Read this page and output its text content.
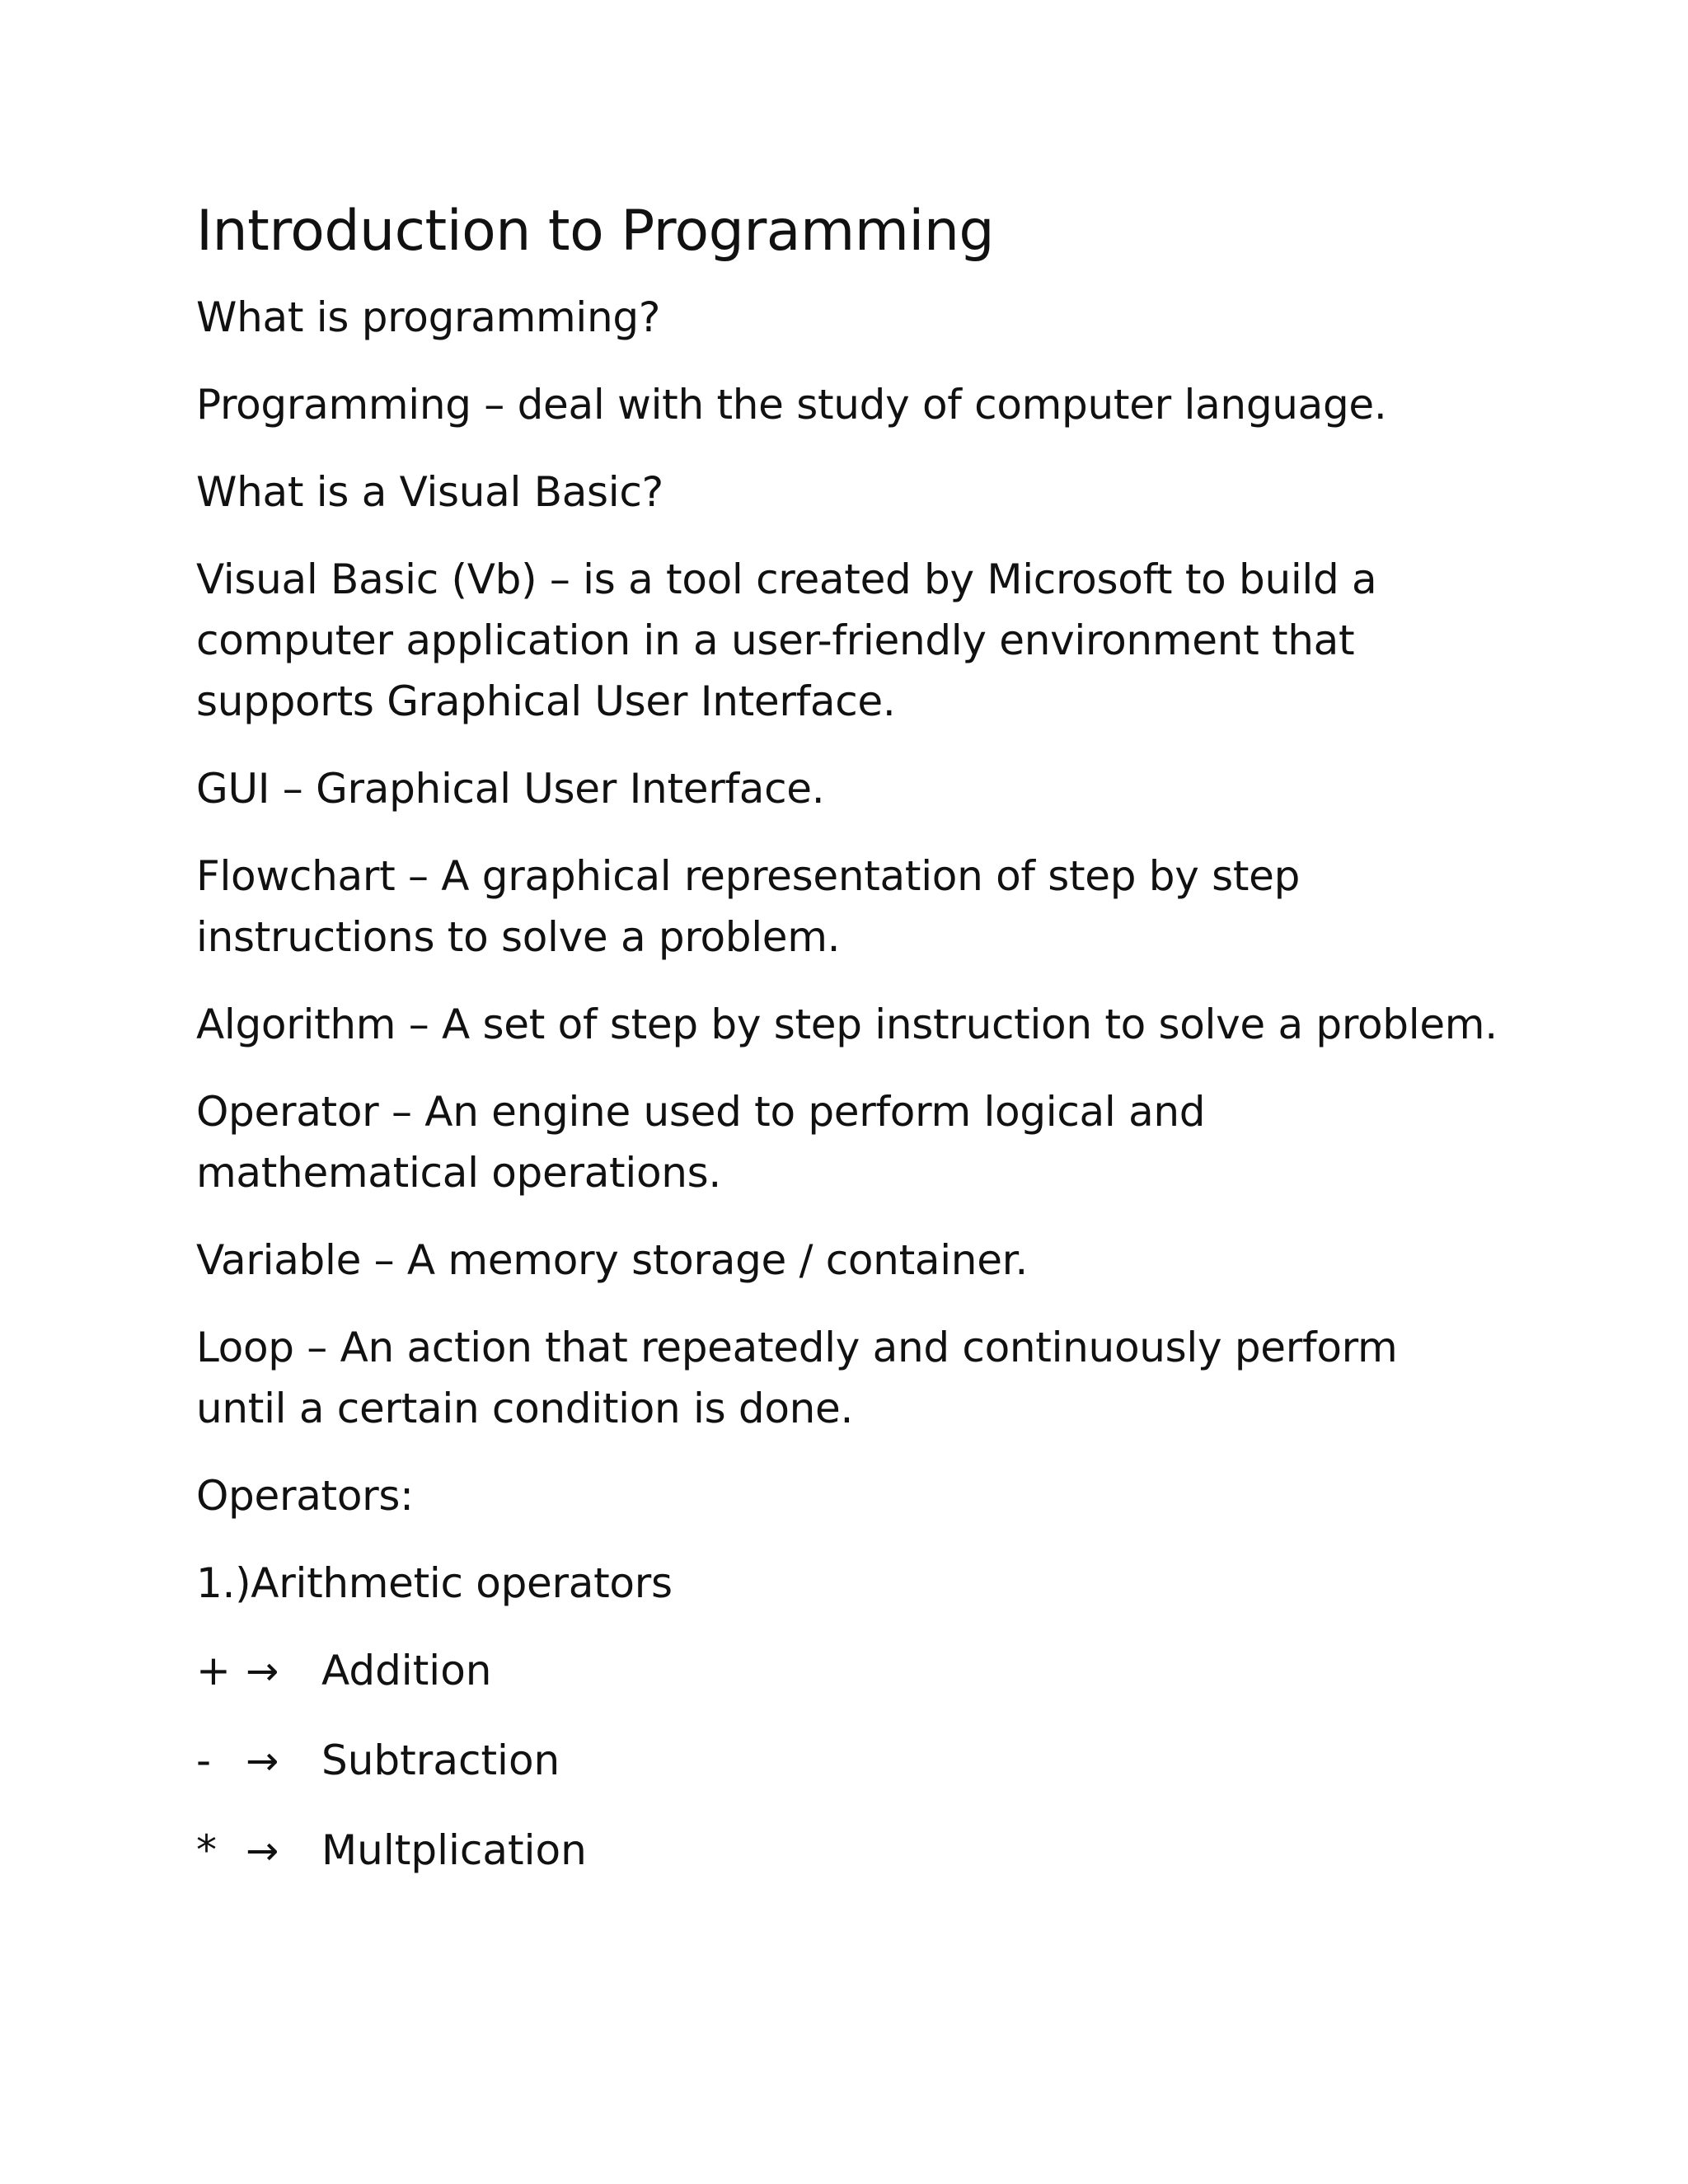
Introduction to Programming

What is programming?

Programming – deal with the study of computer language.

What is a Visual Basic?

Visual Basic (Vb) – is a tool created by Microsoft to build a computer application in a user-friendly environment that supports Graphical User Interface.

GUI – Graphical User Interface.

Flowchart – A graphical representation of step by step instructions to solve a problem.

Algorithm – A set of step by step instruction to solve a problem.

Operator – An engine used to perform logical and mathematical operations.

Variable – A memory storage / container.

Loop – An action that repeatedly and continuously perform until a certain condition is done.

Operators:

1.)Arithmetic operators

+ →	Addition
- →	Subtraction
* →	Multplication
